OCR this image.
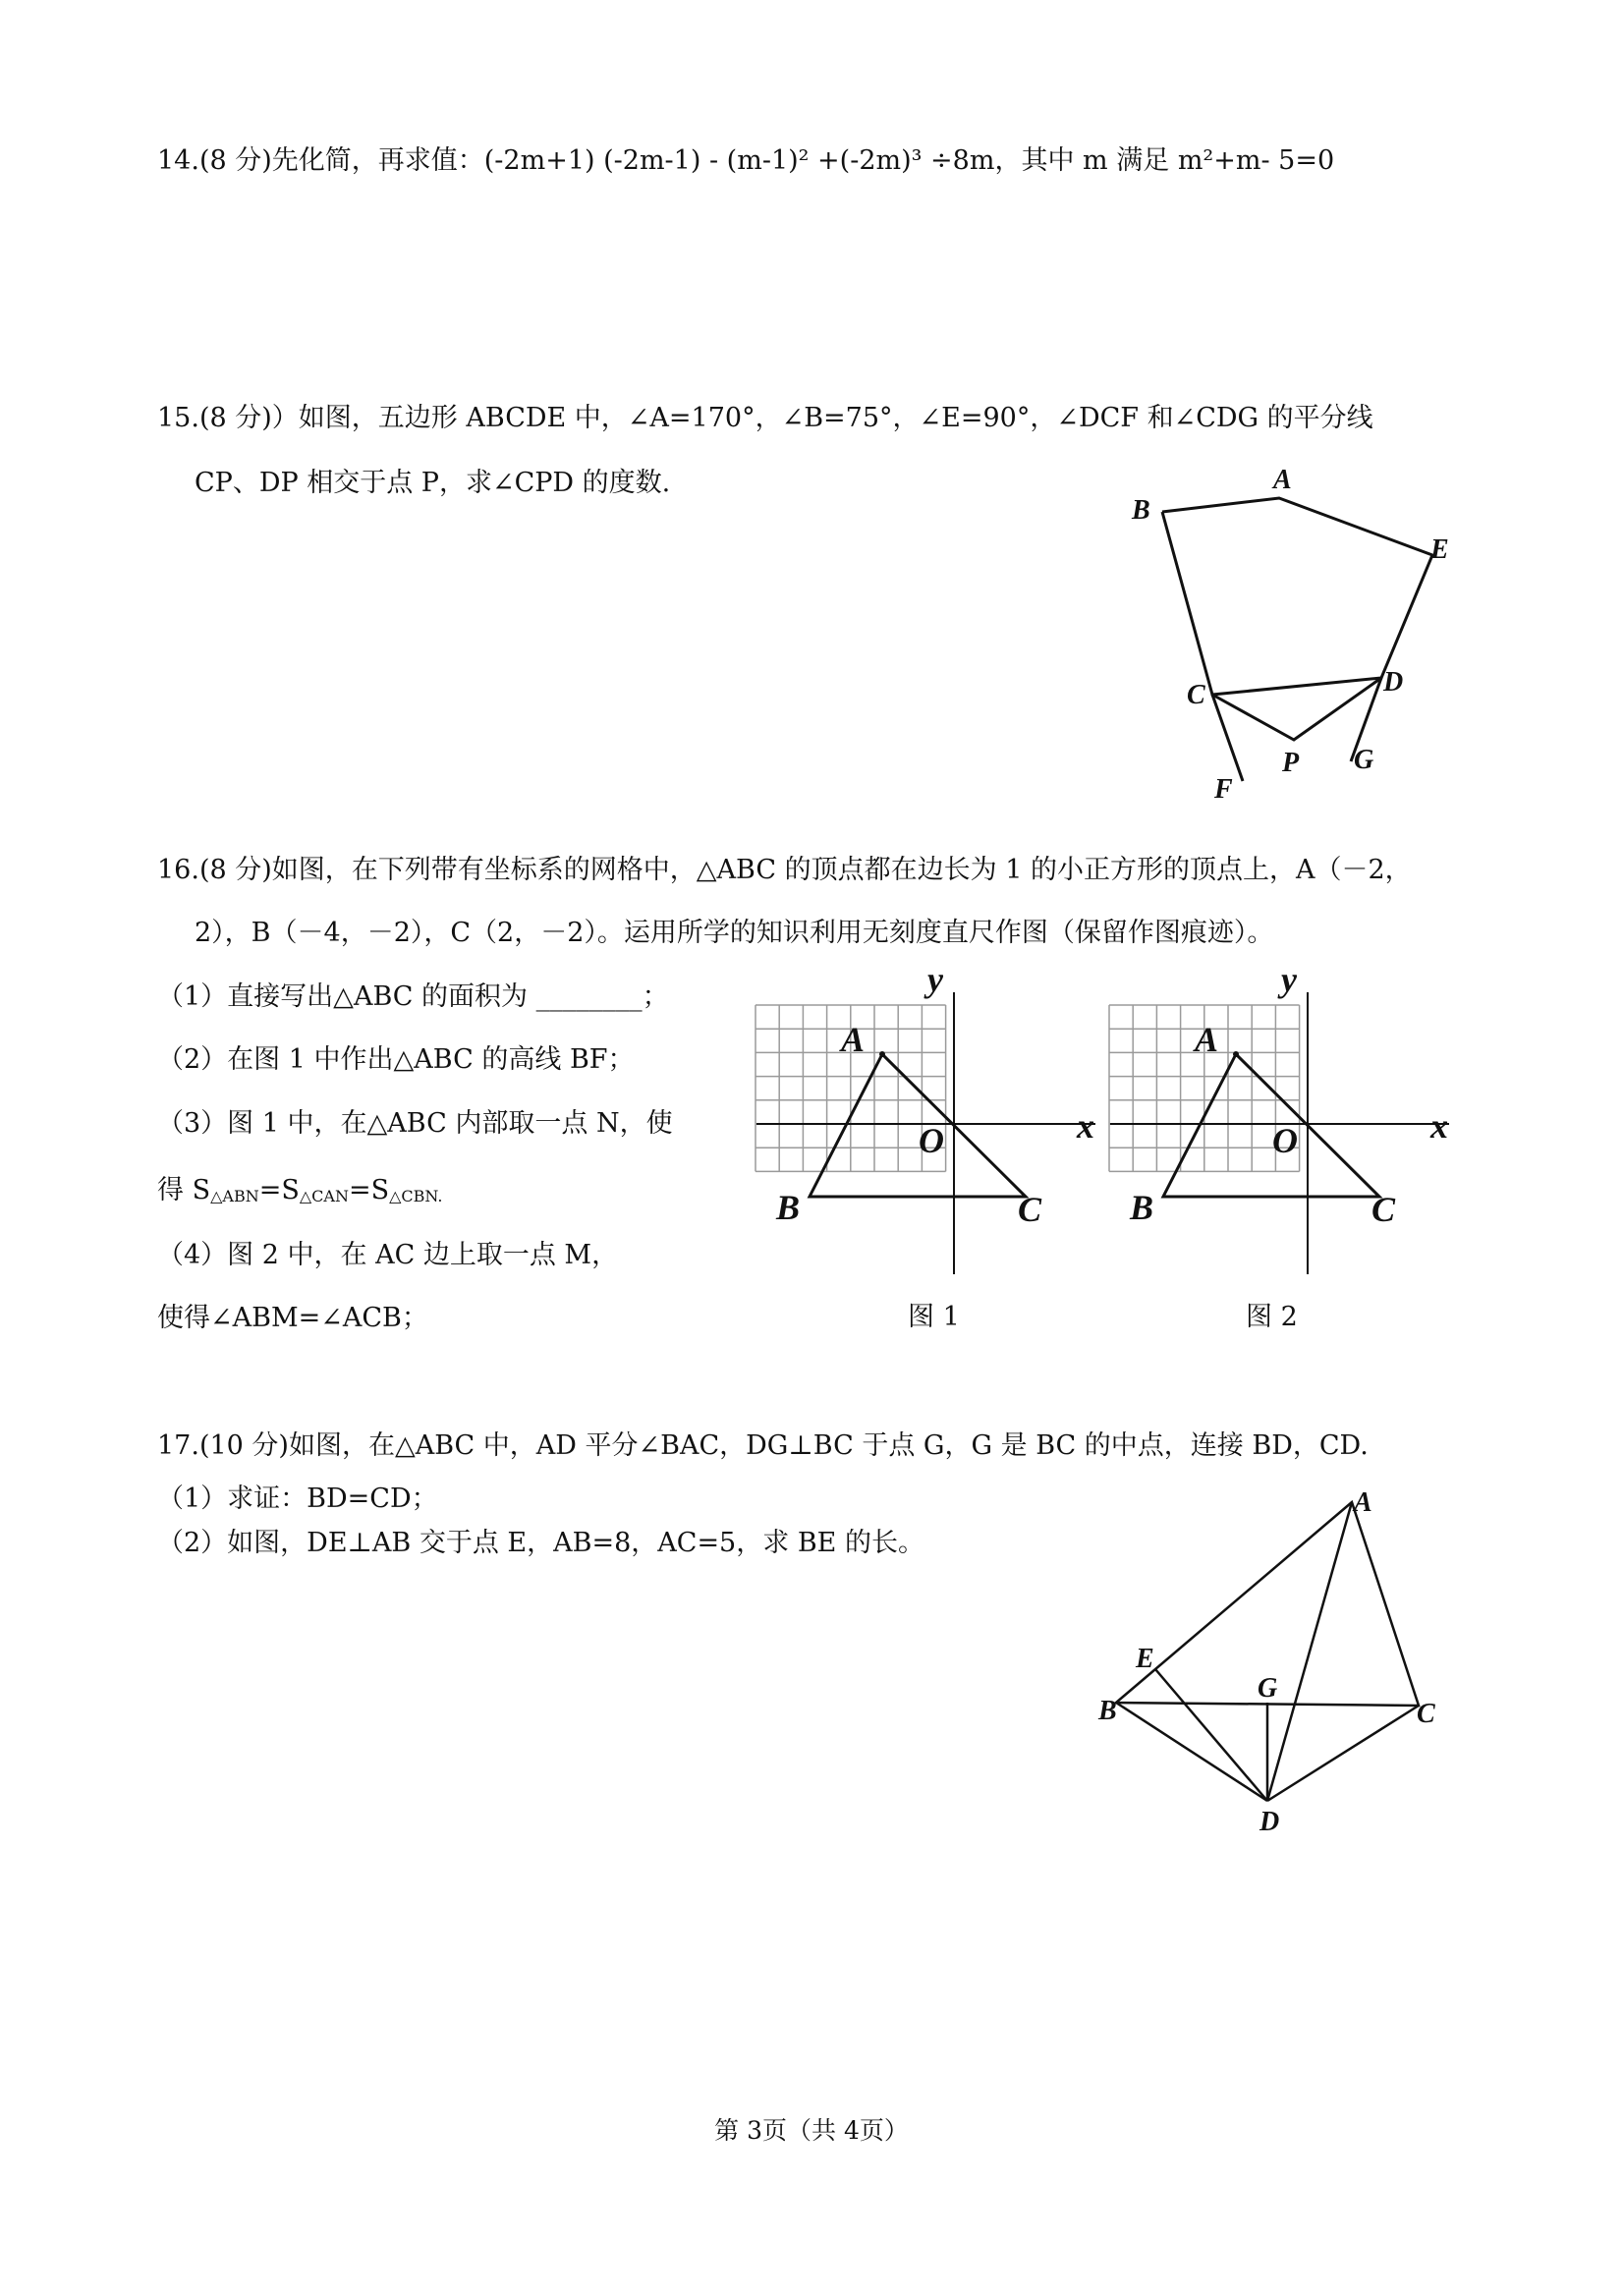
14.(8 分)先化简，再求值：(-2m+1) (-2m-1) - (m-1)² +(-2m)³ ÷8m，其中 m 满足 m²+m- 5=0
15.(8 分)）如图，五边形 ABCDE 中，∠A=170°，∠B=75°，∠E=90°，∠DCF 和∠CDG 的平分线
CP、DP 相交于点 P，求∠CPD 的度数.	A
B
E
C	D
P G
F
16.(8 分)如图，在下列带有坐标系的网格中，△ABC 的顶点都在边长为 1 的小正方形的顶点上，A（－2，
2），B（－4，－2），C（2，－2）。运用所学的知识利用无刻度直尺作图（保留作图痕迹）。
（1）直接写出△ABC 的面积为 ________；
（2）在图 1 中作出△ABC 的高线 BF；
（3）图 1 中，在△ABC 内部取一点 N，使
得 S△ABN=S△CAN=S△CBN.
（4）图 2 中，在 AC 边上取一点 M，
使得∠ABM=∠ACB；
y
x
O
A
B	C
y
x
O
A
B	C
图 1	图 2
17.(10 分)如图，在△ABC 中，AD 平分∠BAC，DG⊥BC 于点 G，G 是 BC 的中点，连接 BD，CD.
（1）求证：BD=CD；
（2）如图，DE⊥AB 交于点 E，AB=8，AC=5，求 BE 的长。
A
E
G
B	C
D
第 3页（共 4页）
